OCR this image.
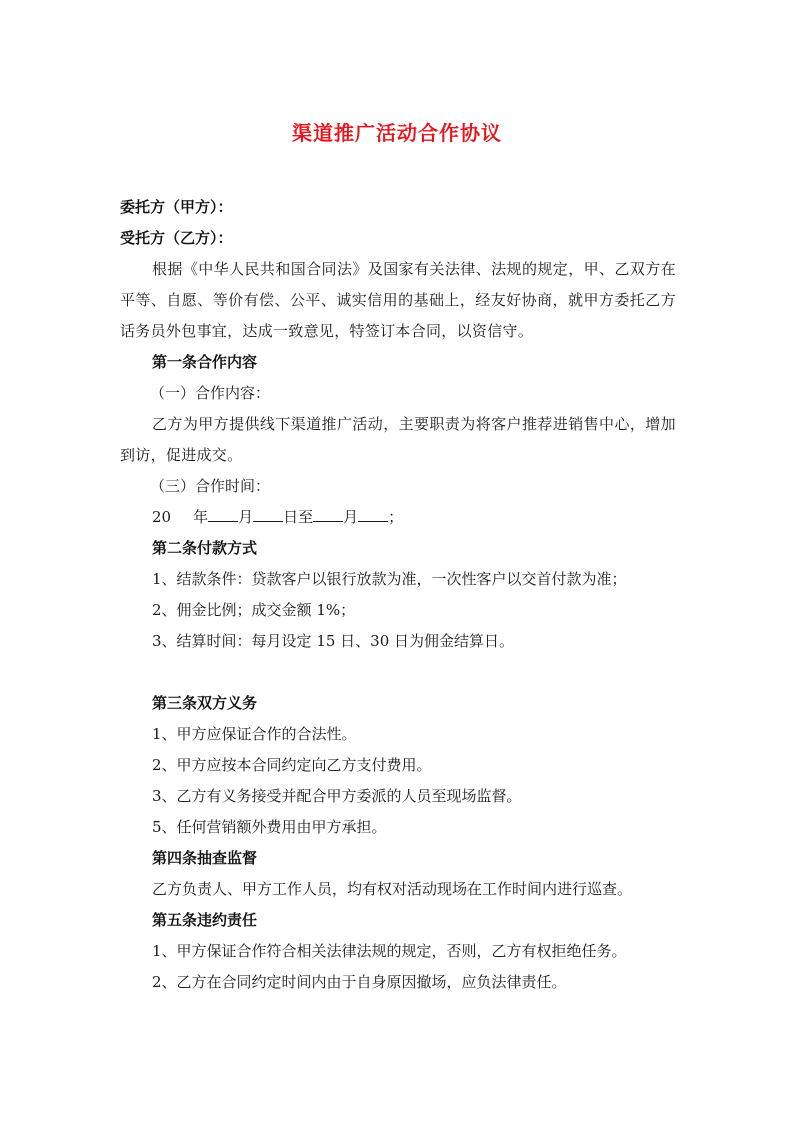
渠道推广活动合作协议
委托方（甲方）：
受托方（乙方）：
根据《中华人民共和国合同法》及国家有关法律、法规的规定，甲、乙双方在平等、自愿、等价有偿、公平、诚实信用的基础上，经友好协商，就甲方委托乙方话务员外包事宜，达成一致意见，特签订本合同，以资信守。
第一条合作内容
（一）合作内容：
乙方为甲方提供线下渠道推广活动，主要职责为将客户推荐进销售中心，增加到访，促进成交。
（三）合作时间：
20 年 月 日至 月 ；
第二条付款方式
1、结款条件：贷款客户以银行放款为准，一次性客户以交首付款为准；
2、佣金比例；成交金额 1%；
3、结算时间：每月设定 15 日、30 日为佣金结算日。
第三条双方义务
1、甲方应保证合作的合法性。
2、甲方应按本合同约定向乙方支付费用。
3、乙方有义务接受并配合甲方委派的人员至现场监督。
5、任何营销额外费用由甲方承担。
第四条抽查监督
乙方负责人、甲方工作人员，均有权对活动现场在工作时间内进行巡查。
第五条违约责任
1、甲方保证合作符合相关法律法规的规定，否则，乙方有权拒绝任务。
2、乙方在合同约定时间内由于自身原因撤场，应负法律责任。
